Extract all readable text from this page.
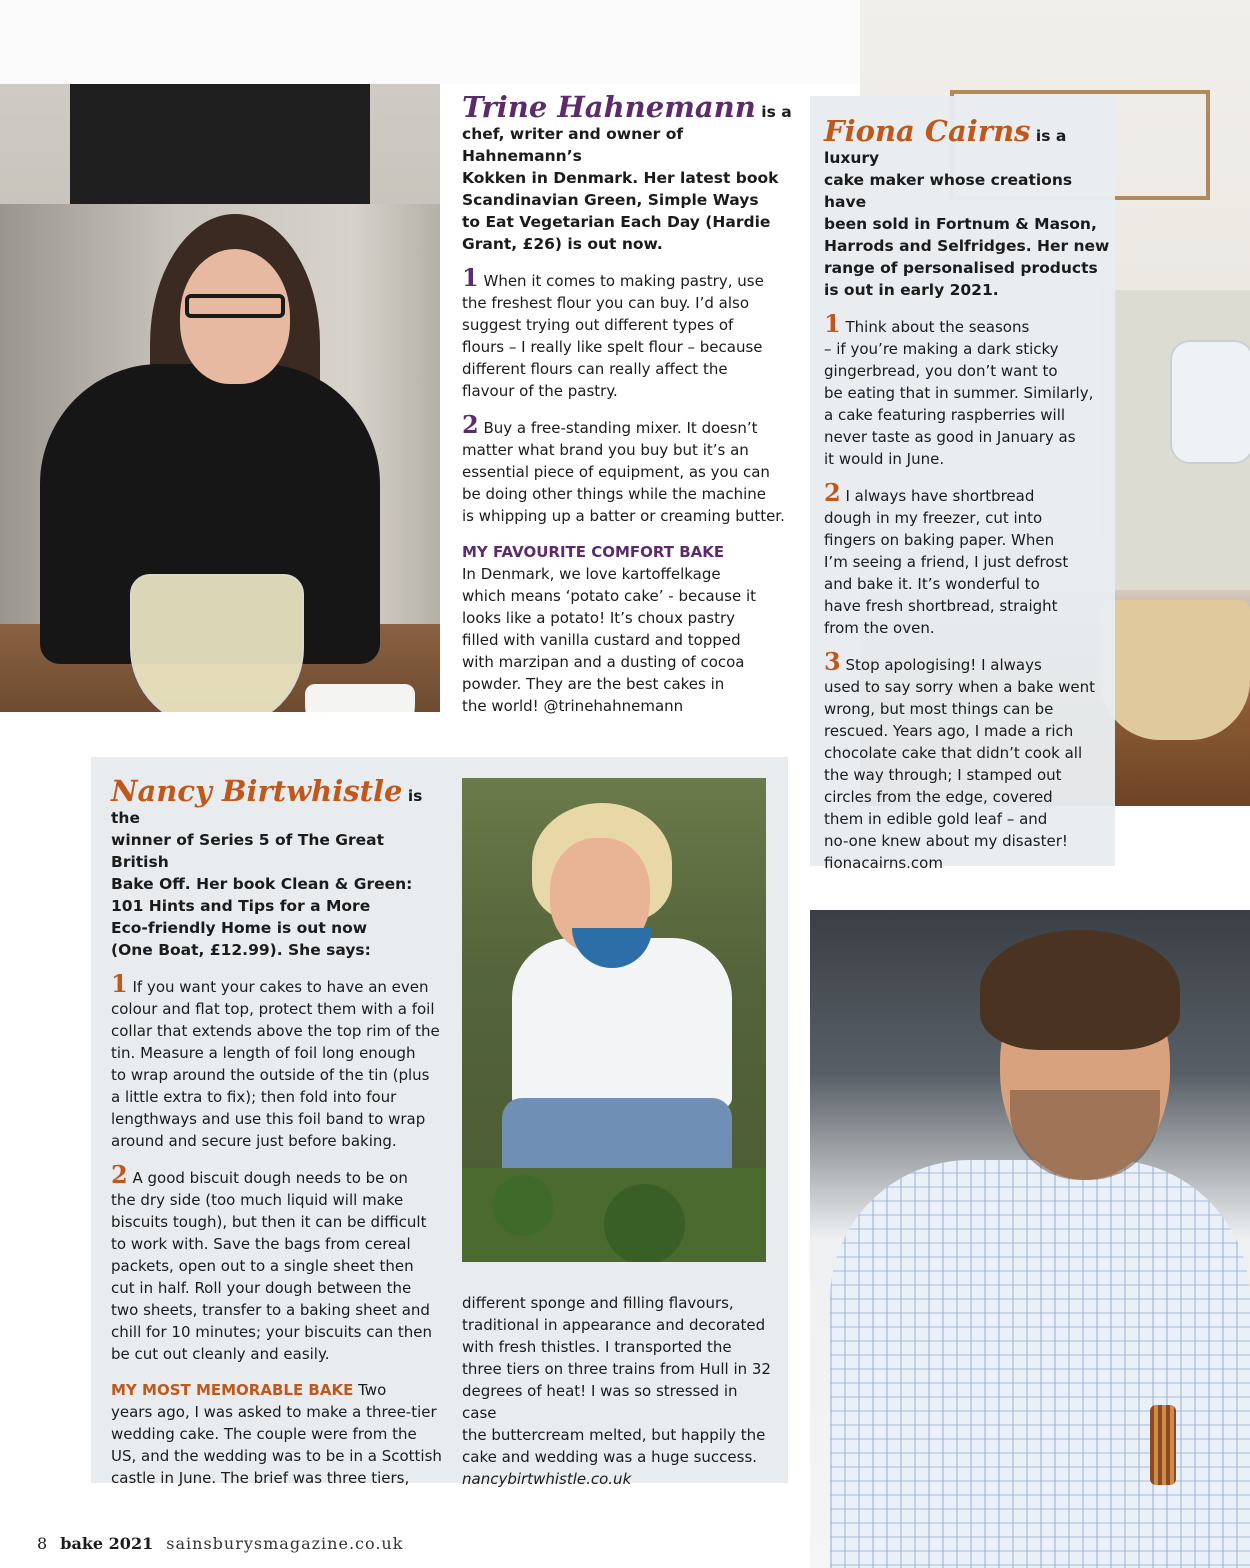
Trine Hahnemann is a
chef, writer and owner of Hahnemann’s
Kokken in Denmark. Her latest book
Scandinavian Green, Simple Ways
to Eat Vegetarian Each Day (Hardie
Grant, £26) is out now.
1 When it comes to making pastry, use
the freshest flour you can buy. I’d also
suggest trying out different types of
flours – I really like spelt flour – because
different flours can really affect the
flavour of the pastry.
2 Buy a free-standing mixer. It doesn’t
matter what brand you buy but it’s an
essential piece of equipment, as you can
be doing other things while the machine
is whipping up a batter or creaming butter.
MY FAVOURITE COMFORT BAKE
In Denmark, we love kartoffelkage
which means ‘potato cake’ - because it
looks like a potato! It’s choux pastry
filled with vanilla custard and topped
with marzipan and a dusting of cocoa
powder. They are the best cakes in
the world! @trinehahnemann
Fiona Cairns is a luxury
cake maker whose creations have
been sold in Fortnum & Mason,
Harrods and Selfridges. Her new
range of personalised products
is out in early 2021.
1 Think about the seasons
– if you’re making a dark sticky
gingerbread, you don’t want to
be eating that in summer. Similarly,
a cake featuring raspberries will
never taste as good in January as
it would in June.
2 I always have shortbread
dough in my freezer, cut into
fingers on baking paper. When
I’m seeing a friend, I just defrost
and bake it. It’s wonderful to
have fresh shortbread, straight
from the oven.
3 Stop apologising! I always
used to say sorry when a bake went
wrong, but most things can be
rescued. Years ago, I made a rich
chocolate cake that didn’t cook all
the way through; I stamped out
circles from the edge, covered
them in edible gold leaf – and
no-one knew about my disaster!
fionacairns.com
Nancy Birtwhistle is the
winner of Series 5 of The Great British
Bake Off. Her book Clean & Green:
101 Hints and Tips for a More
Eco-friendly Home is out now
(One Boat, £12.99). She says:
1 If you want your cakes to have an even
colour and flat top, protect them with a foil
collar that extends above the top rim of the
tin. Measure a length of foil long enough
to wrap around the outside of the tin (plus
a little extra to fix); then fold into four
lengthways and use this foil band to wrap
around and secure just before baking.
2 A good biscuit dough needs to be on
the dry side (too much liquid will make
biscuits tough), but then it can be difficult
to work with. Save the bags from cereal
packets, open out to a single sheet then
cut in half. Roll your dough between the
two sheets, transfer to a baking sheet and
chill for 10 minutes; your biscuits can then
be cut out cleanly and easily.
MY MOST MEMORABLE BAKE Two
years ago, I was asked to make a three-tier
wedding cake. The couple were from the
US, and the wedding was to be in a Scottish
castle in June. The brief was three tiers,
different sponge and filling flavours,
traditional in appearance and decorated
with fresh thistles. I transported the
three tiers on three trains from Hull in 32
degrees of heat! I was so stressed in case
the buttercream melted, but happily the
cake and wedding was a huge success.
nancybirtwhistle.co.uk
8 bake 2021 sainsburysmagazine.co.uk
